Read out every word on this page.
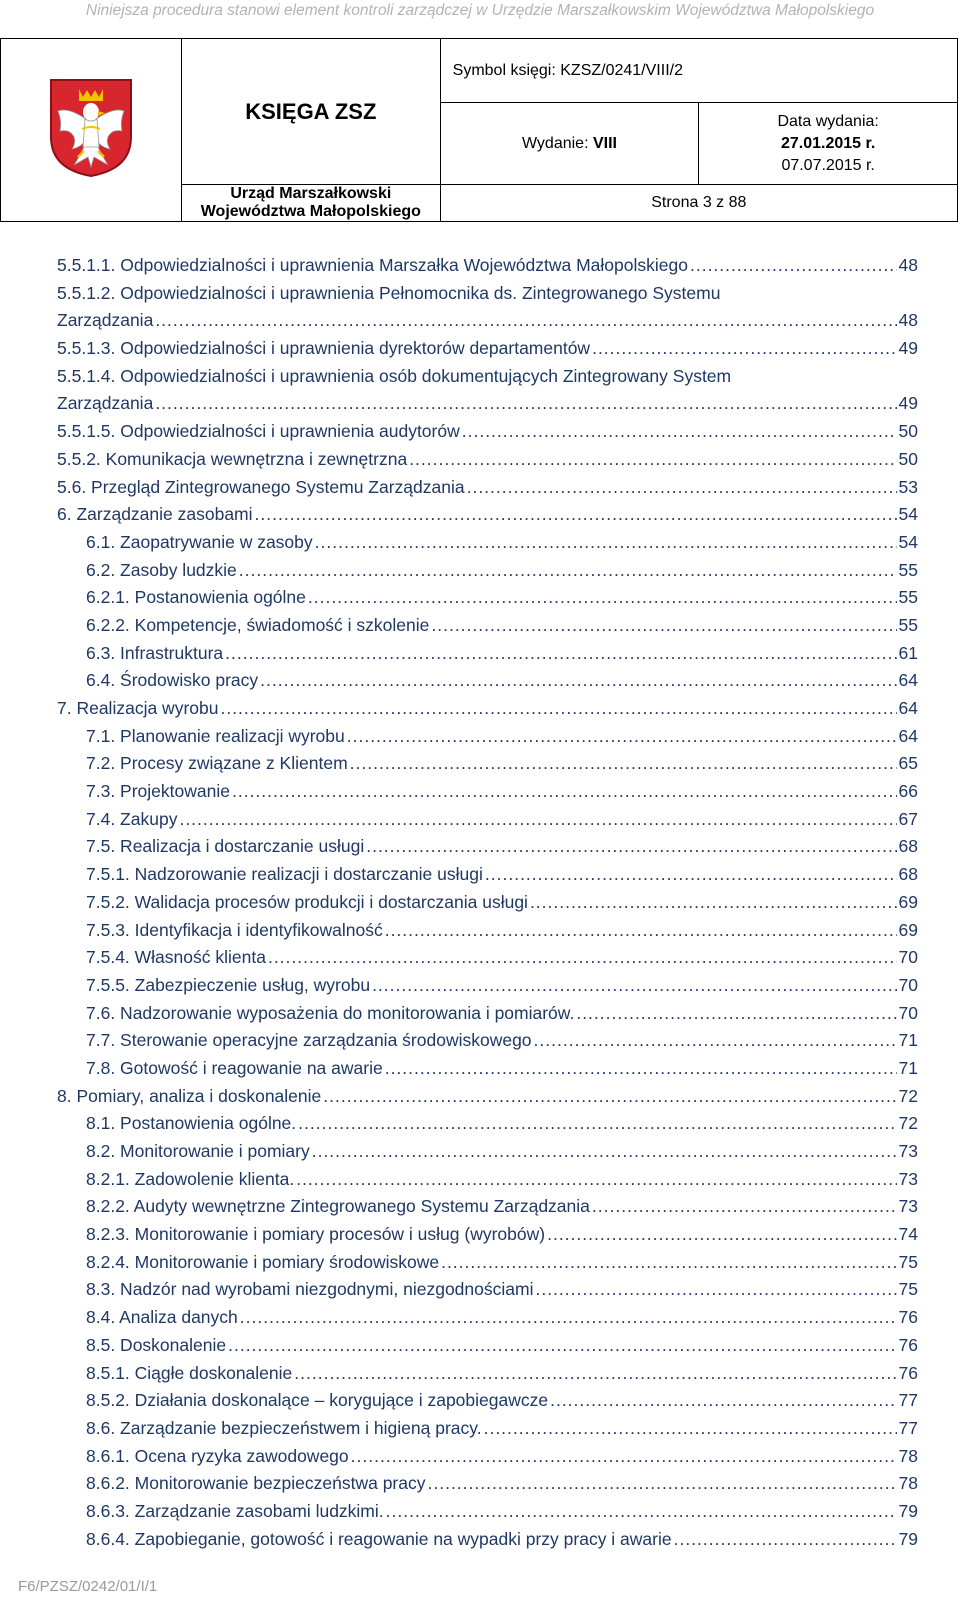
Niniejsza procedura stanowi element kontroli zarządczej w Urzędzie Marszałkowskim Województwa Małopolskiego
	KSIĘGA ZSZ	Symbol księgi: KZSZ/0241/VIII/2	
		Wydanie: VIII	Data wydania:
27.01.2015 r.
07.07.2015 r.

	Urząd Marszałkowski Województwa Małopolskiego	Strona 3 z 88	
5.5.1.1. Odpowiedzialności i uprawnienia Marszałka Województwa Małopolskiego .....	48
5.5.1.2. Odpowiedzialności i uprawnienia Pełnomocnika ds. Zintegrowanego Systemu
Zarządzania .....	48
5.5.1.3. Odpowiedzialności i uprawnienia dyrektorów departamentów .....	49
5.5.1.4. Odpowiedzialności i uprawnienia osób dokumentujących Zintegrowany System
Zarządzania .....	49
5.5.1.5. Odpowiedzialności i uprawnienia audytorów .....	50
5.5.2. Komunikacja wewnętrzna i zewnętrzna .....	50
5.6. Przegląd Zintegrowanego Systemu Zarządzania .....	53
6. Zarządzanie zasobami .....	54
6.1. Zaopatrywanie w zasoby .....	54
6.2. Zasoby ludzkie .....	55
6.2.1. Postanowienia ogólne .....	55
6.2.2. Kompetencje, świadomość i szkolenie .....	55
6.3. Infrastruktura .....	61
6.4. Środowisko pracy .....	64
7. Realizacja wyrobu .....	64
7.1. Planowanie realizacji wyrobu .....	64
7.2. Procesy związane z Klientem .....	65
7.3. Projektowanie .....	66
7.4. Zakupy .....	67
7.5. Realizacja i dostarczanie usługi .....	68
7.5.1. Nadzorowanie realizacji i dostarczanie usługi .....	68
7.5.2. Walidacja procesów produkcji i dostarczania usługi .....	69
7.5.3. Identyfikacja i identyfikowalność .....	69
7.5.4. Własność klienta .....	70
7.5.5. Zabezpieczenie usług, wyrobu .....	70
7.6. Nadzorowanie wyposażenia do monitorowania i pomiarów. .....	70
7.7. Sterowanie operacyjne zarządzania środowiskowego .....	71
7.8. Gotowość i reagowanie na awarie .....	71
8. Pomiary, analiza i doskonalenie .....	72
8.1. Postanowienia ogólne. .....	72
8.2. Monitorowanie i pomiary .....	73
8.2.1. Zadowolenie klienta. .....	73
8.2.2. Audyty wewnętrzne Zintegrowanego Systemu Zarządzania .....	73
8.2.3. Monitorowanie i pomiary procesów i usług (wyrobów) .....	74
8.2.4. Monitorowanie i pomiary środowiskowe .....	75
8.3. Nadzór nad wyrobami niezgodnymi, niezgodnościami .....	75
8.4. Analiza danych .....	76
8.5. Doskonalenie .....	76
8.5.1. Ciągłe doskonalenie .....	76
8.5.2. Działania doskonalące – korygujące i zapobiegawcze .....	77
8.6. Zarządzanie bezpieczeństwem i higieną pracy. .....	77
8.6.1. Ocena ryzyka zawodowego .....	78
8.6.2. Monitorowanie bezpieczeństwa pracy .....	78
8.6.3. Zarządzanie zasobami ludzkimi. .....	79
8.6.4. Zapobieganie, gotowość i reagowanie na wypadki przy pracy i awarie .....	79
F6/PZSZ/0242/01/I/1
